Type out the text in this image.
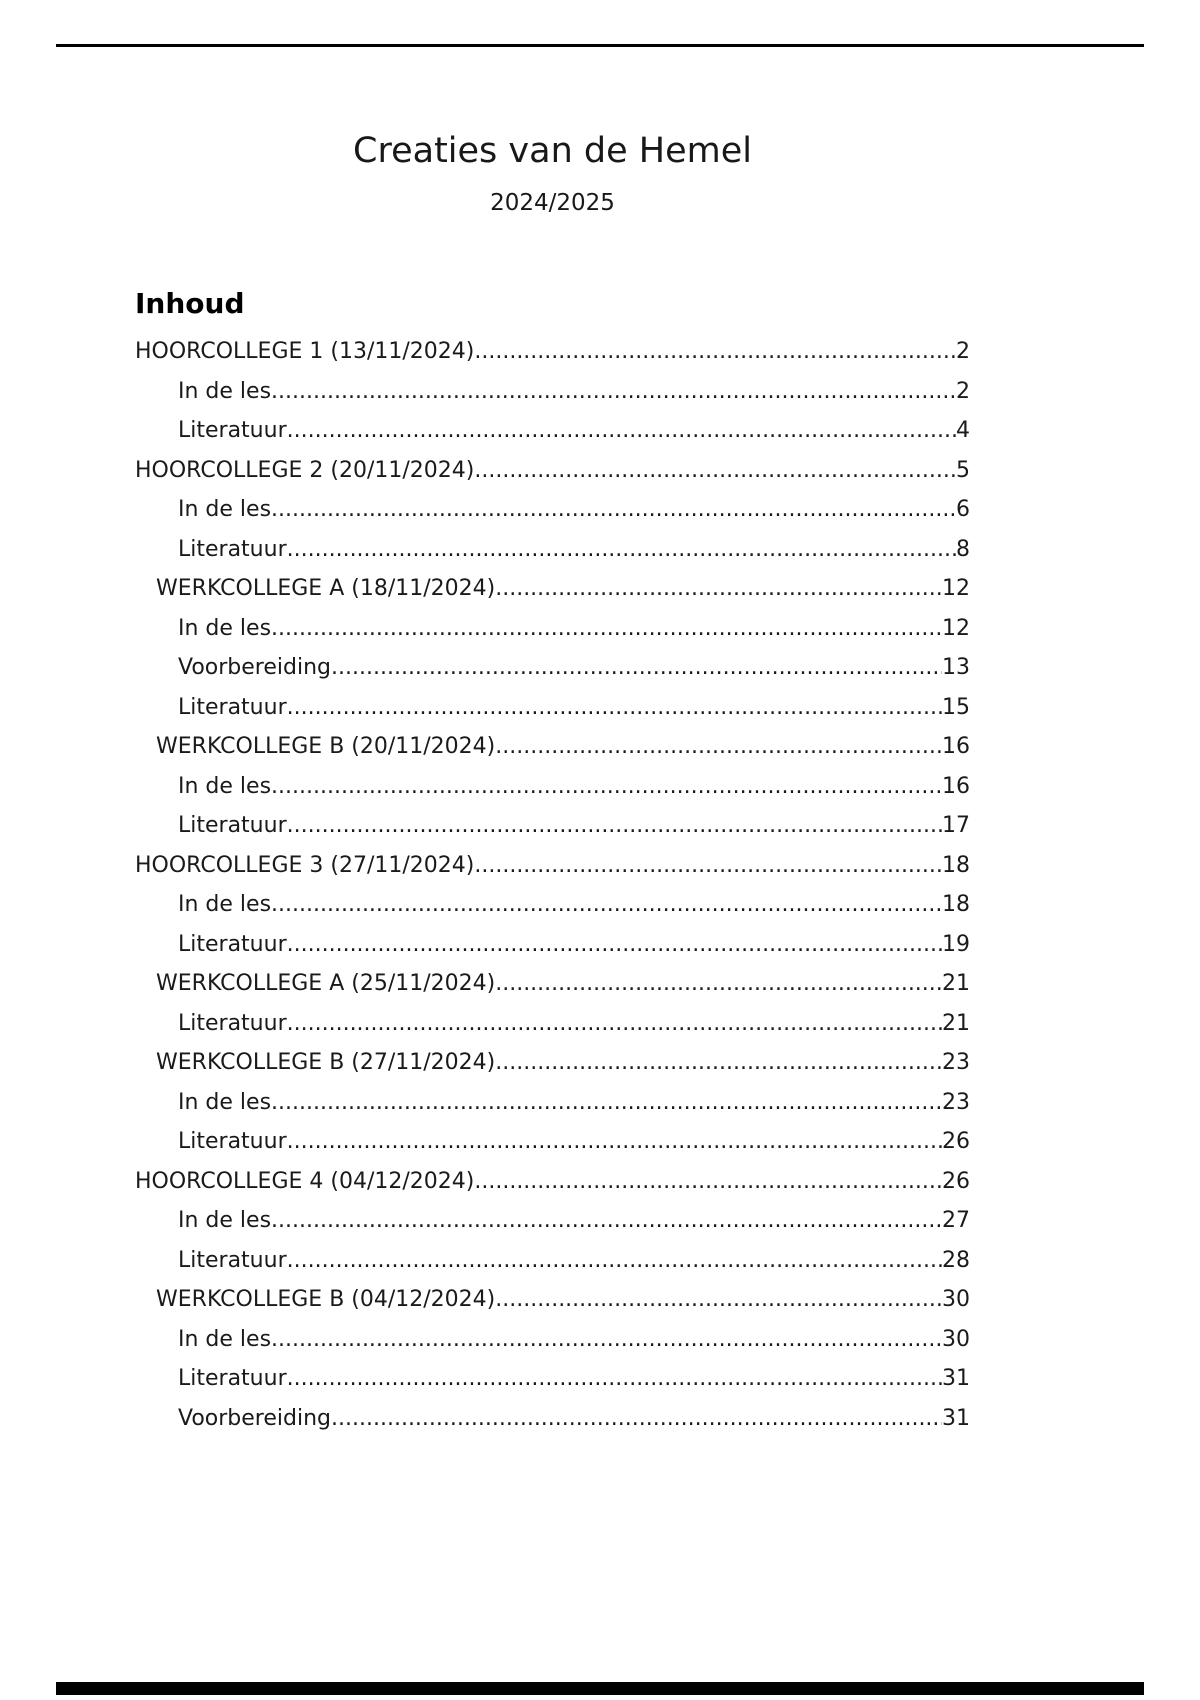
Creaties van de Hemel
2024/2025
Inhoud
HOORCOLLEGE 1 (13/11/2024) .....	2
In de les .....	2
Literatuur .....	4
HOORCOLLEGE 2 (20/11/2024) .....	5
In de les .....	6
Literatuur .....	8
WERKCOLLEGE A (18/11/2024) .....	12
In de les .....	12
Voorbereiding .....	13
Literatuur .....	15
WERKCOLLEGE B (20/11/2024) .....	16
In de les .....	16
Literatuur .....	17
HOORCOLLEGE 3 (27/11/2024) .....	18
In de les .....	18
Literatuur .....	19
WERKCOLLEGE A (25/11/2024) .....	21
Literatuur .....	21
WERKCOLLEGE B (27/11/2024) .....	23
In de les .....	23
Literatuur .....	26
HOORCOLLEGE 4 (04/12/2024) .....	26
In de les .....	27
Literatuur .....	28
WERKCOLLEGE B (04/12/2024) .....	30
In de les .....	30
Literatuur .....	31
Voorbereiding .....	31
